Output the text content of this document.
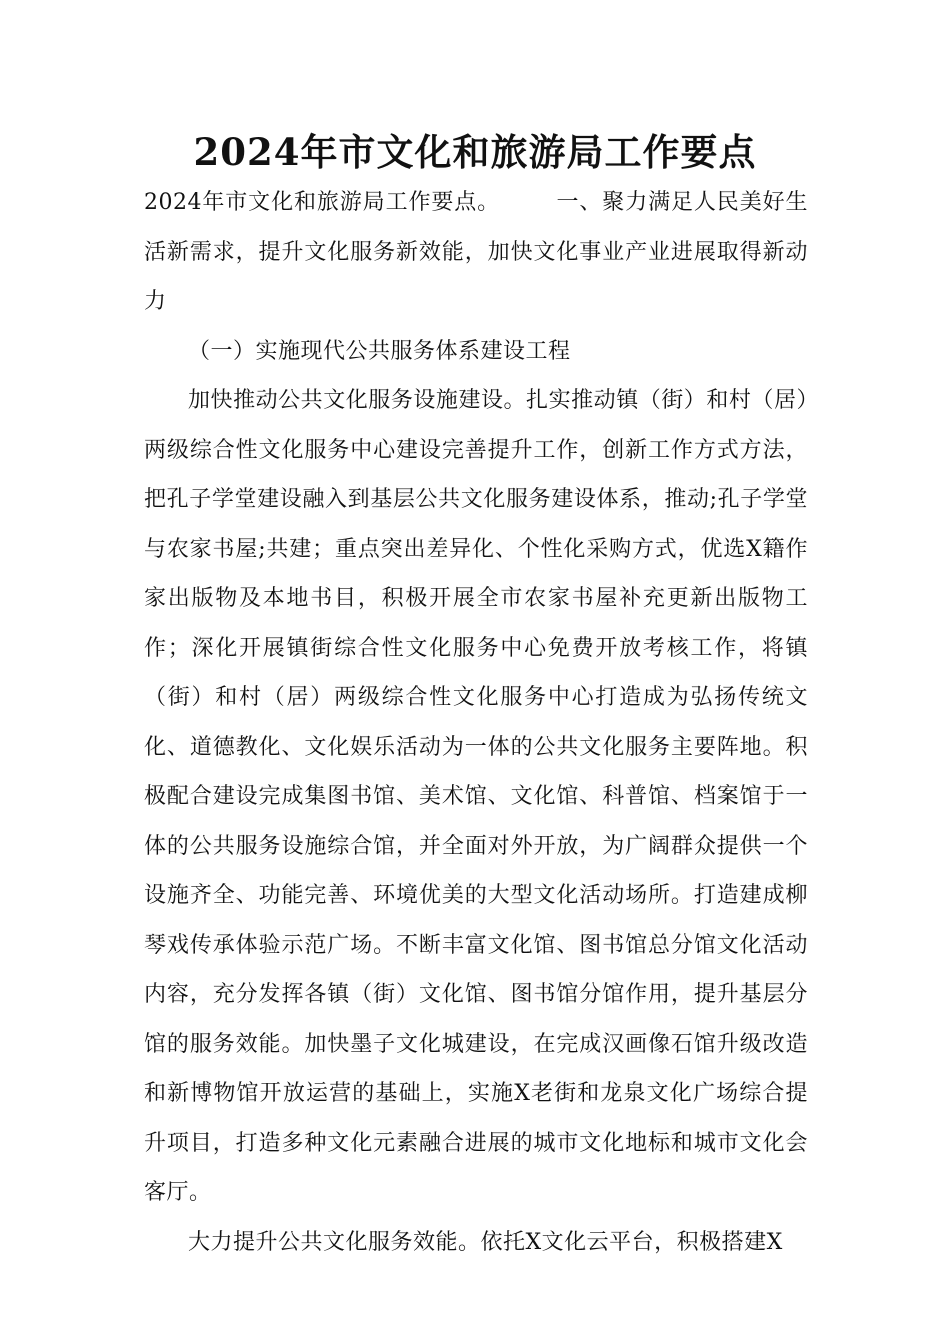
2024年市文化和旅游局工作要点

2024年市文化和旅游局工作要点。	一、聚力满足人民美好生活新需求，提升文化服务新效能，加快文化事业产业进展取得新动力

（一）实施现代公共服务体系建设工程

加快推动公共文化服务设施建设。扎实推动镇（街）和村（居）两级综合性文化服务中心建设完善提升工作，创新工作方式方法，把孔子学堂建设融入到基层公共文化服务建设体系，推动;孔子学堂与农家书屋;共建；重点突出差异化、个性化采购方式，优选X籍作家出版物及本地书目，积极开展全市农家书屋补充更新出版物工作；深化开展镇街综合性文化服务中心免费开放考核工作，将镇（街）和村（居）两级综合性文化服务中心打造成为弘扬传统文化、道德教化、文化娱乐活动为一体的公共文化服务主要阵地。积极配合建设完成集图书馆、美术馆、文化馆、科普馆、档案馆于一体的公共服务设施综合馆，并全面对外开放，为广阔群众提供一个设施齐全、功能完善、环境优美的大型文化活动场所。打造建成柳琴戏传承体验示范广场。不断丰富文化馆、图书馆总分馆文化活动内容，充分发挥各镇（街）文化馆、图书馆分馆作用，提升基层分馆的服务效能。加快墨子文化城建设，在完成汉画像石馆升级改造和新博物馆开放运营的基础上，实施X老街和龙泉文化广场综合提升项目，打造多种文化元素融合进展的城市文化地标和城市文化会客厅。

大力提升公共文化服务效能。依托X文化云平台，积极搭建X
